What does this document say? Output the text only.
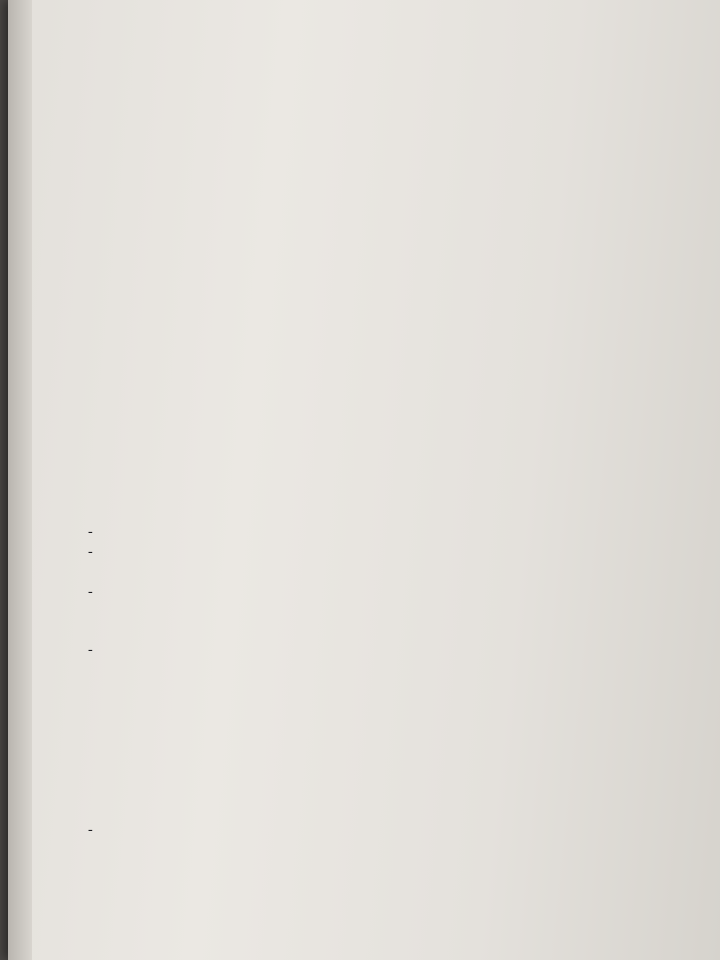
-

-

-

-

-
